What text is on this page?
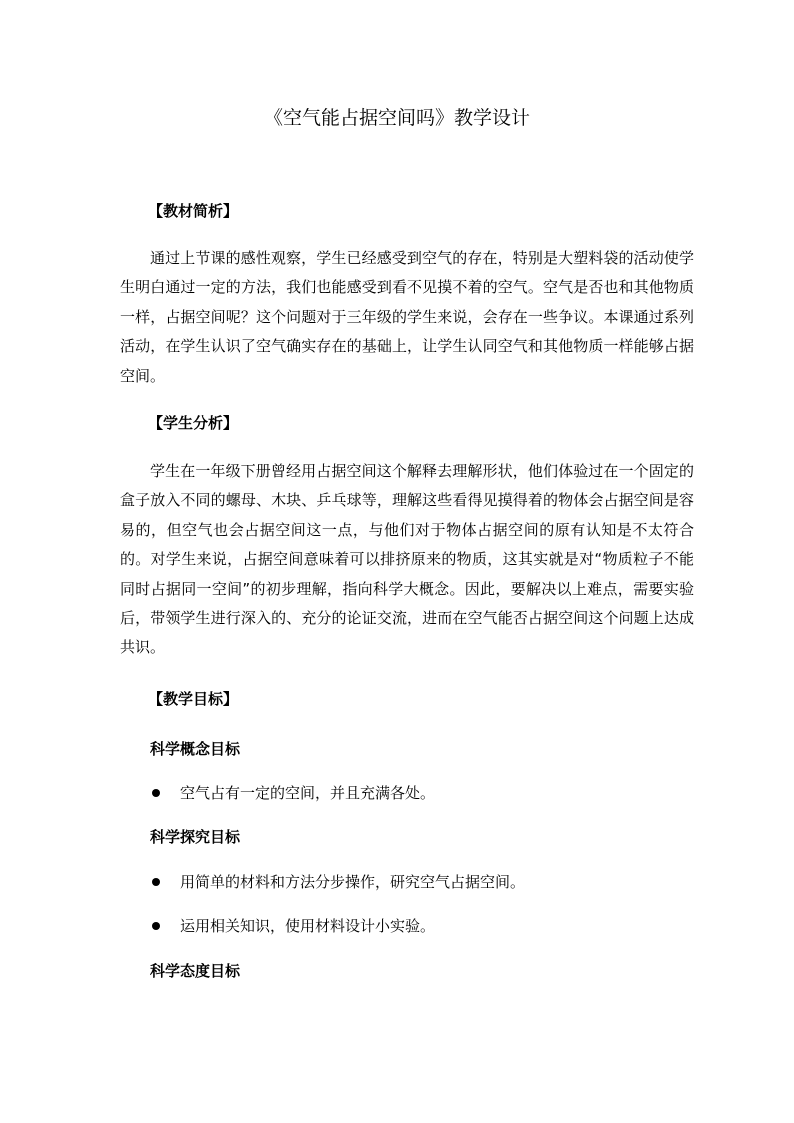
《空气能占据空间吗》教学设计
【教材简析】
通过上节课的感性观察，学生已经感受到空气的存在，特别是大塑料袋的活动使学生明白通过一定的方法，我们也能感受到看不见摸不着的空气。空气是否也和其他物质一样，占据空间呢？这个问题对于三年级的学生来说，会存在一些争议。本课通过系列活动，在学生认识了空气确实存在的基础上，让学生认同空气和其他物质一样能够占据空间。
【学生分析】
学生在一年级下册曾经用占据空间这个解释去理解形状，他们体验过在一个固定的盒子放入不同的螺母、木块、乒乓球等，理解这些看得见摸得着的物体会占据空间是容易的，但空气也会占据空间这一点，与他们对于物体占据空间的原有认知是不太符合的。对学生来说，占据空间意味着可以排挤原来的物质，这其实就是对“物质粒子不能同时占据同一空间”的初步理解，指向科学大概念。因此，要解决以上难点，需要实验后，带领学生进行深入的、充分的论证交流，进而在空气能否占据空间这个问题上达成共识。
【教学目标】
科学概念目标
空气占有一定的空间，并且充满各处。
科学探究目标
用简单的材料和方法分步操作，研究空气占据空间。
运用相关知识，使用材料设计小实验。
科学态度目标
